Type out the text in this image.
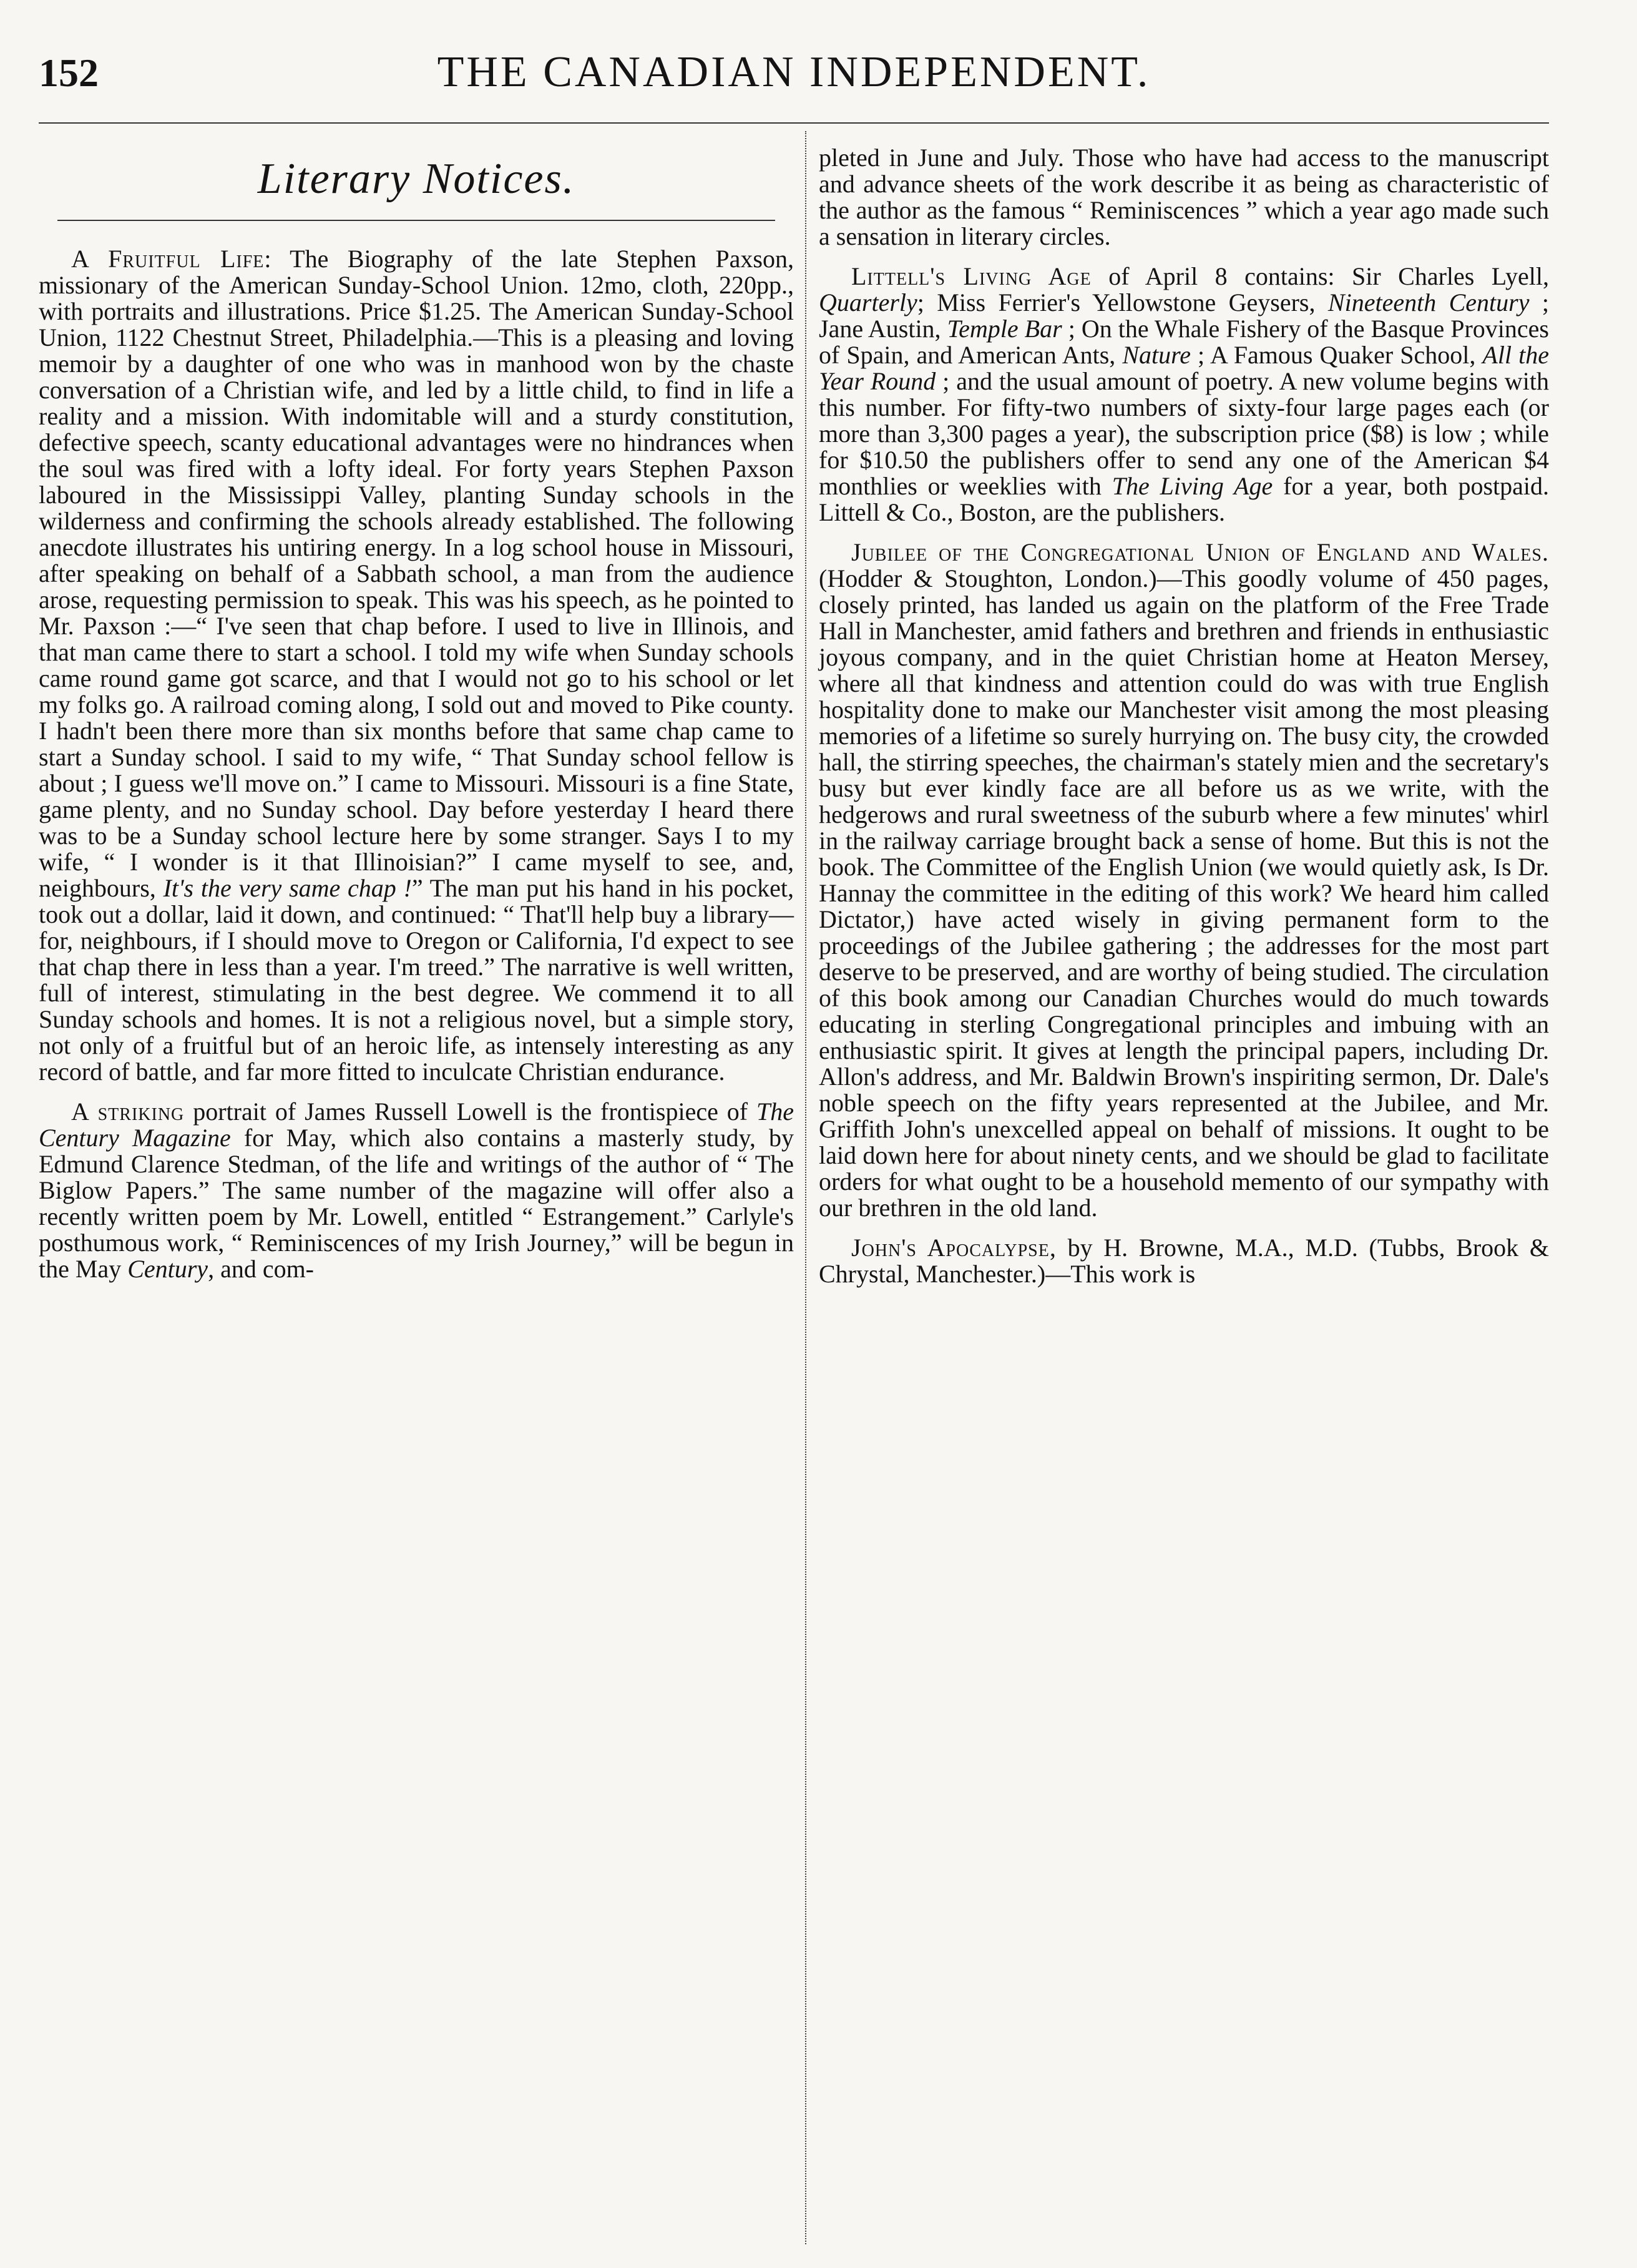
152	THE CANADIAN INDEPENDENT.
Literary Notices.

A Fruitful Life: The Biography of the late Stephen Paxson, missionary of the American Sunday-School Union. 12mo, cloth, 220pp., with portraits and illustrations. Price $1.25. The American Sunday-School Union, 1122 Chestnut Street, Philadelphia.—This is a pleasing and loving memoir by a daughter of one who was in manhood won by the chaste conversation of a Christian wife, and led by a little child, to find in life a reality and a mission. With indomitable will and a sturdy constitution, defective speech, scanty educational advantages were no hindrances when the soul was fired with a lofty ideal. For forty years Stephen Paxson laboured in the Mississippi Valley, planting Sunday schools in the wilderness and confirming the schools already established. The following anecdote illustrates his untiring energy. In a log school house in Missouri, after speaking on behalf of a Sabbath school, a man from the audience arose, requesting permission to speak. This was his speech, as he pointed to Mr. Paxson :—“ I've seen that chap before. I used to live in Illinois, and that man came there to start a school. I told my wife when Sunday schools came round game got scarce, and that I would not go to his school or let my folks go. A railroad coming along, I sold out and moved to Pike county. I hadn't been there more than six months before that same chap came to start a Sunday school. I said to my wife, “ That Sunday school fellow is about ; I guess we'll move on.” I came to Missouri. Missouri is a fine State, game plenty, and no Sunday school. Day before yesterday I heard there was to be a Sunday school lecture here by some stranger. Says I to my wife, “ I wonder is it that Illinoisian?” I came myself to see, and, neighbours, It's the very same chap !” The man put his hand in his pocket, took out a dollar, laid it down, and continued: “ That'll help buy a library—for, neighbours, if I should move to Oregon or California, I'd expect to see that chap there in less than a year. I'm treed.” The narrative is well written, full of interest, stimulating in the best degree. We commend it to all Sunday schools and homes. It is not a religious novel, but a simple story, not only of a fruitful but of an heroic life, as intensely interesting as any record of battle, and far more fitted to inculcate Christian endurance.

A striking portrait of James Russell Lowell is the frontispiece of The Century Magazine for May, which also contains a masterly study, by Edmund Clarence Stedman, of the life and writings of the author of “ The Biglow Papers.” The same number of the magazine will offer also a recently written poem by Mr. Lowell, entitled “ Estrangement.” Carlyle's posthumous work, “ Reminiscences of my Irish Journey,” will be begun in the May Century, and com-

pleted in June and July. Those who have had access to the manuscript and advance sheets of the work describe it as being as characteristic of the author as the famous “ Reminiscences ” which a year ago made such a sensation in literary circles.

Littell's Living Age of April 8 contains: Sir Charles Lyell, Quarterly; Miss Ferrier's Yellowstone Geysers, Nineteenth Century ; Jane Austin, Temple Bar ; On the Whale Fishery of the Basque Provinces of Spain, and American Ants, Nature ; A Famous Quaker School, All the Year Round ; and the usual amount of poetry. A new volume begins with this number. For fifty-two numbers of sixty-four large pages each (or more than 3,300 pages a year), the subscription price ($8) is low ; while for $10.50 the publishers offer to send any one of the American $4 monthlies or weeklies with The Living Age for a year, both postpaid. Littell & Co., Boston, are the publishers.

Jubilee of the Congregational Union of England and Wales. (Hodder & Stoughton, London.)—This goodly volume of 450 pages, closely printed, has landed us again on the platform of the Free Trade Hall in Manchester, amid fathers and brethren and friends in enthusiastic joyous company, and in the quiet Christian home at Heaton Mersey, where all that kindness and attention could do was with true English hospitality done to make our Manchester visit among the most pleasing memories of a lifetime so surely hurrying on. The busy city, the crowded hall, the stirring speeches, the chairman's stately mien and the secretary's busy but ever kindly face are all before us as we write, with the hedgerows and rural sweetness of the suburb where a few minutes' whirl in the railway carriage brought back a sense of home. But this is not the book. The Committee of the English Union (we would quietly ask, Is Dr. Hannay the committee in the editing of this work? We heard him called Dictator,) have acted wisely in giving permanent form to the proceedings of the Jubilee gathering ; the addresses for the most part deserve to be preserved, and are worthy of being studied. The circulation of this book among our Canadian Churches would do much towards educating in sterling Congregational principles and imbuing with an enthusiastic spirit. It gives at length the principal papers, including Dr. Allon's address, and Mr. Baldwin Brown's inspiriting sermon, Dr. Dale's noble speech on the fifty years represented at the Jubilee, and Mr. Griffith John's unexcelled appeal on behalf of missions. It ought to be laid down here for about ninety cents, and we should be glad to facilitate orders for what ought to be a household memento of our sympathy with our brethren in the old land.

John's Apocalypse, by H. Browne, M.A., M.D. (Tubbs, Brook & Chrystal, Manchester.)—This work is
